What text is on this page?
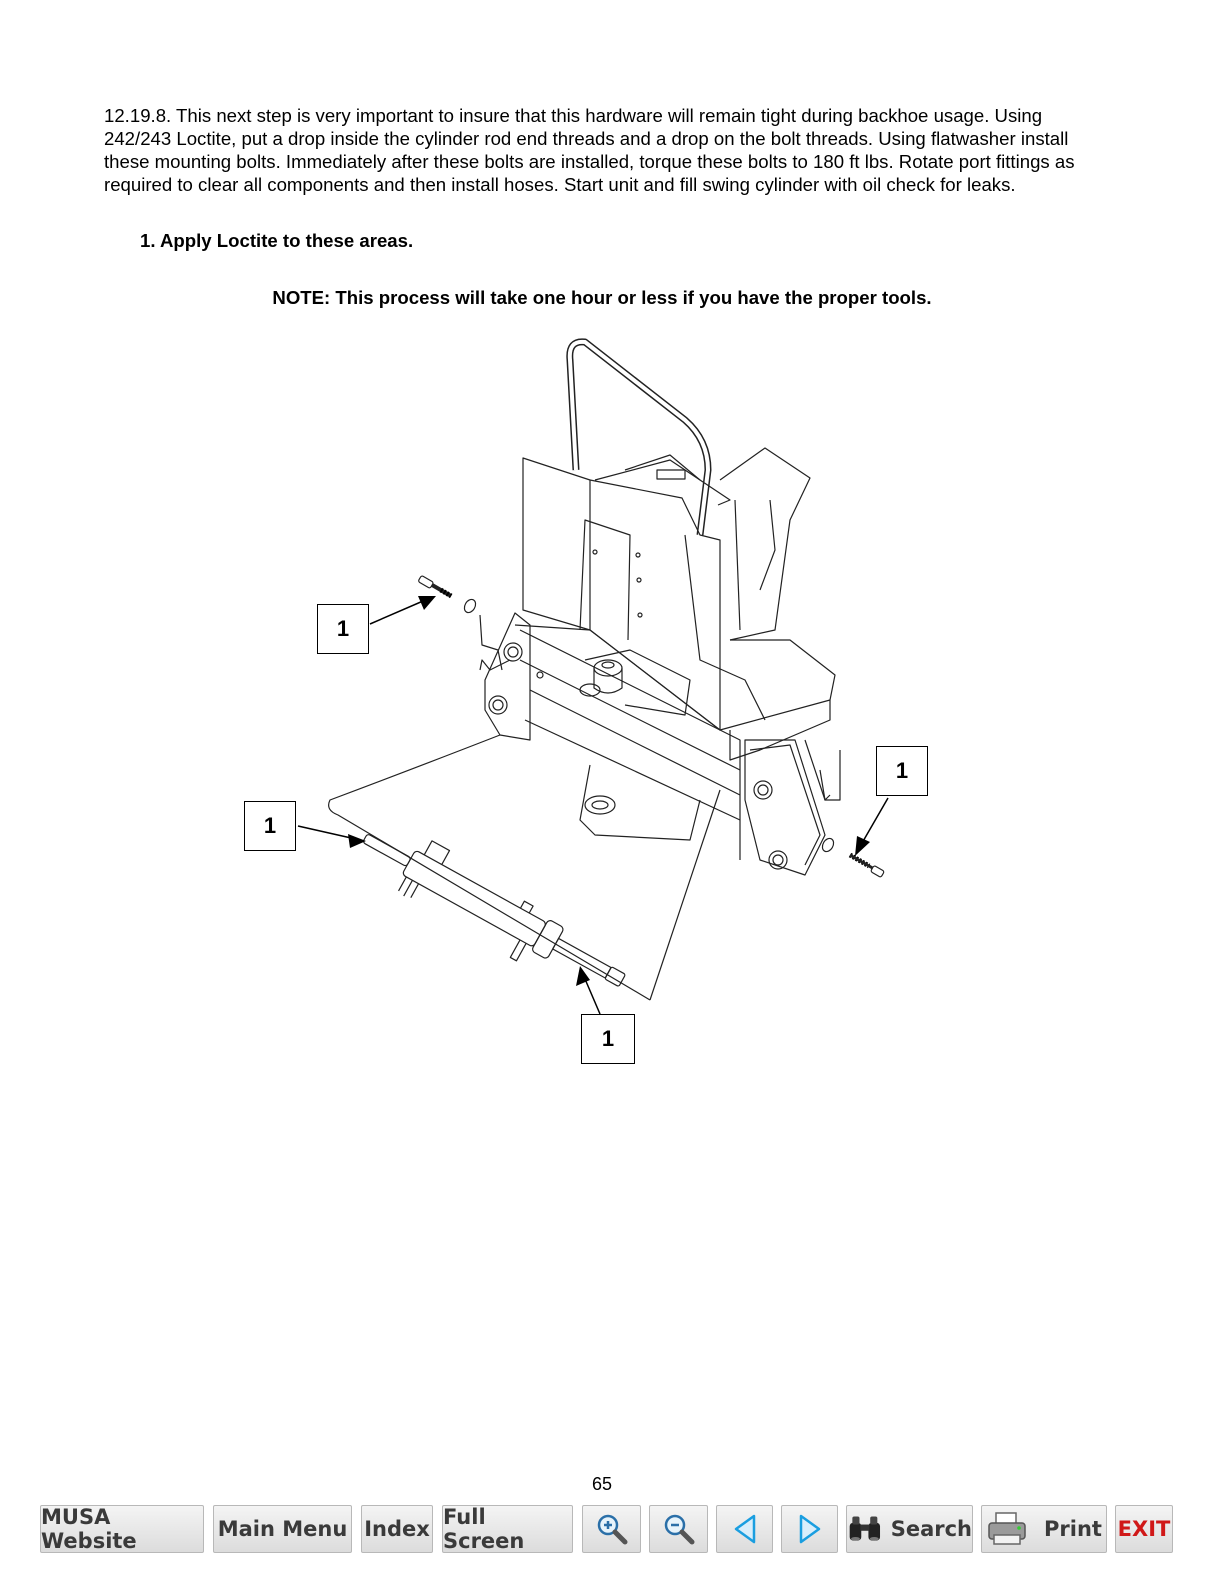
12.19.8. This next step is very important to insure that this hardware will remain tight during backhoe usage. Using 242/243 Loctite, put a drop inside the cylinder rod end threads and a drop on the bolt threads. Using flatwasher install these mounting bolts. Immediately after these bolts are installed, torque these bolts to 180 ft lbs. Rotate port fittings as required to clear all components and then install hoses. Start unit and fill swing cylinder with oil check for leaks.

1. Apply Loctite to these areas.

NOTE: This process will take one hour or less if you have the proper tools.

1
1
1
1
65
MUSA Website	Main Menu Index Full Screen	Search	Print EXIT
